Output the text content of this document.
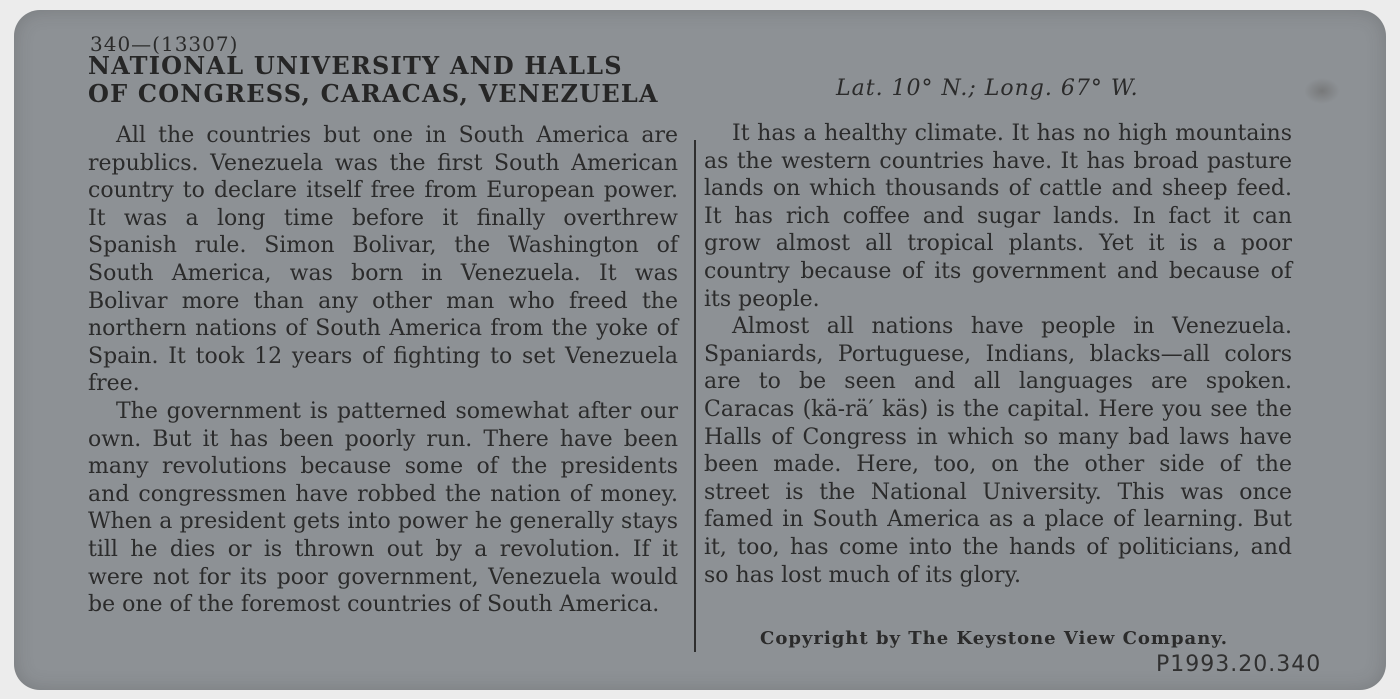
340—(13307)
NATIONAL UNIVERSITY AND HALLS
OF CONGRESS, CARACAS, VENEZUELA	Lat. 10° N.; Long. 67° W.

All the countries but one in South America are republics. Venezuela was the first South American country to declare itself free from European power. It was a long time before it finally overthrew Spanish rule. Simon Bolivar, the Washington of South America, was born in Venezuela. It was Bolivar more than any other man who freed the northern nations of South America from the yoke of Spain. It took 12 years of fighting to set Venezuela free.

The government is patterned somewhat after our own. But it has been poorly run. There have been many revolutions because some of the presidents and congressmen have robbed the nation of money. When a president gets into power he generally stays till he dies or is thrown out by a revolution. If it were not for its poor government, Venezuela would be one of the foremost countries of South America.

It has a healthy climate. It has no high mountains as the western countries have. It has broad pasture lands on which thousands of cattle and sheep feed. It has rich coffee and sugar lands. In fact it can grow almost all tropical plants. Yet it is a poor country because of its government and because of its people.

Almost all nations have people in Venezuela. Spaniards, Portuguese, Indians, blacks—all colors are to be seen and all languages are spoken. Caracas (kä-rä′ käs) is the capital. Here you see the Halls of Congress in which so many bad laws have been made. Here, too, on the other side of the street is the National University. This was once famed in South America as a place of learning. But it, too, has come into the hands of politicians, and so has lost much of its glory.

Copyright by The Keystone View Company.
P1993.20.340
